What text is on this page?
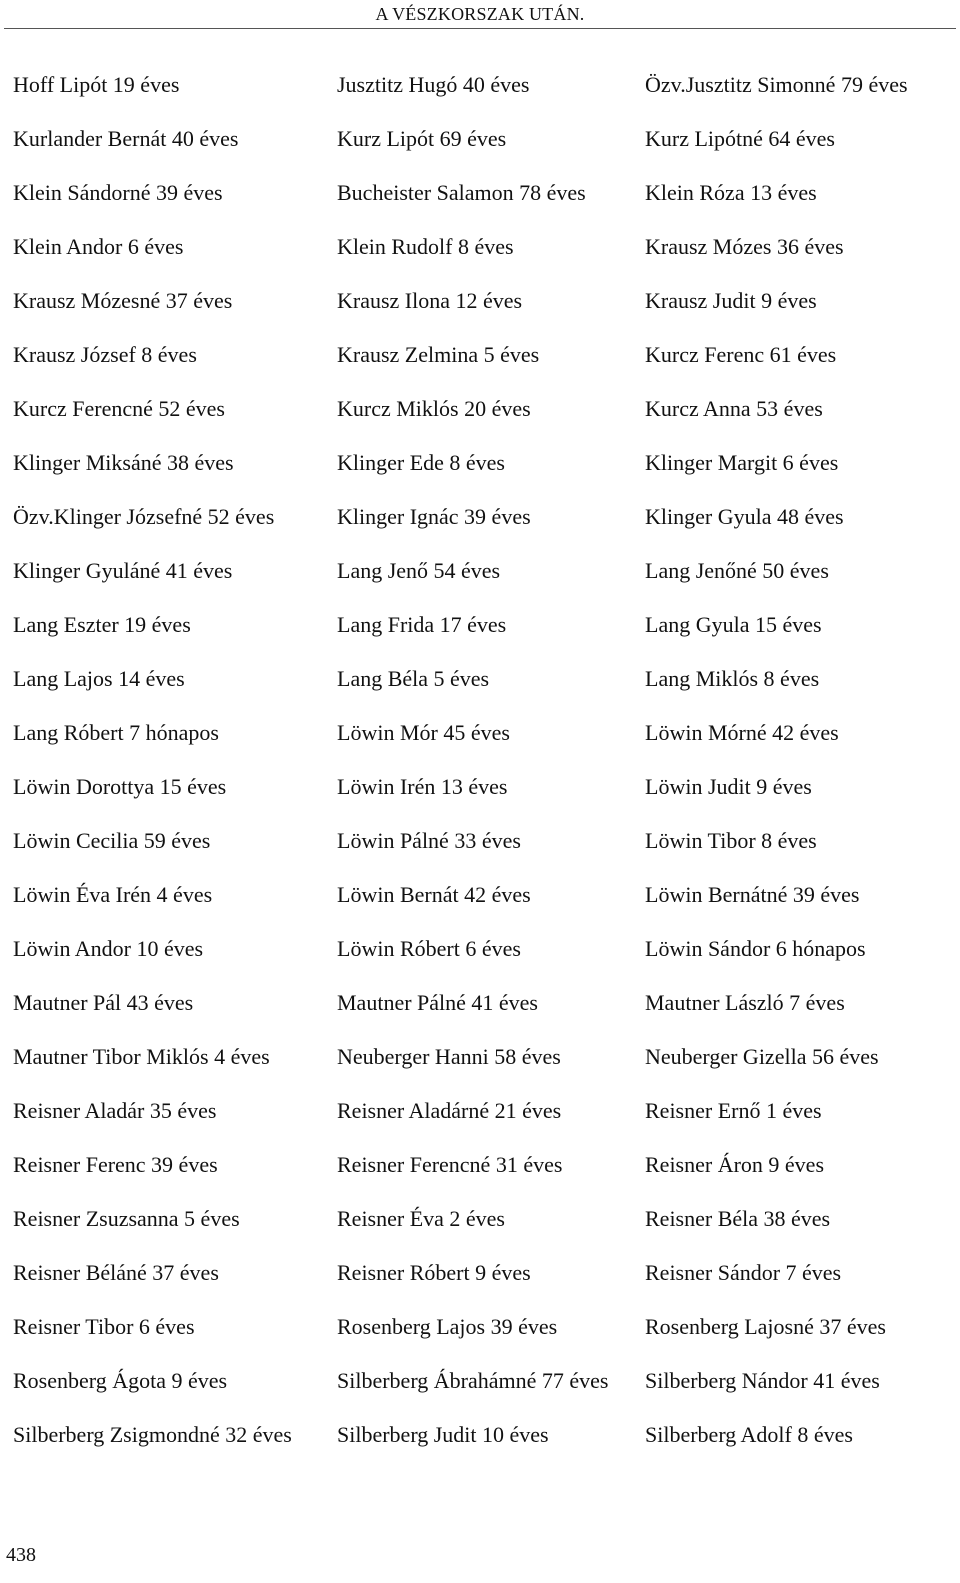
A VÉSZKORSZAK UTÁN.
Hoff Lipót 19 éves	Jusztitz Hugó 40 éves	Özv.Jusztitz Simonné 79 éves
Kurlander Bernát 40 éves	Kurz Lipót 69 éves	Kurz Lipótné 64 éves
Klein Sándorné 39 éves	Bucheister Salamon 78 éves	Klein Róza 13 éves
Klein Andor 6 éves	Klein Rudolf 8 éves	Krausz Mózes 36 éves
Krausz Mózesné 37 éves	Krausz Ilona 12 éves	Krausz Judit 9 éves
Krausz József 8 éves	Krausz Zelmina 5 éves	Kurcz Ferenc 61 éves
Kurcz Ferencné 52 éves	Kurcz Miklós 20 éves	Kurcz Anna 53 éves
Klinger Miksáné 38 éves	Klinger Ede 8 éves	Klinger Margit 6 éves
Özv.Klinger Józsefné 52 éves	Klinger Ignác 39 éves	Klinger Gyula 48 éves
Klinger Gyuláné 41 éves	Lang Jenő 54 éves	Lang Jenőné 50 éves
Lang Eszter 19 éves	Lang Frida 17 éves	Lang Gyula 15 éves
Lang Lajos 14 éves	Lang Béla 5 éves	Lang Miklós 8 éves
Lang Róbert 7 hónapos	Löwin Mór 45 éves	Löwin Mórné 42 éves
Löwin Dorottya 15 éves	Löwin Irén 13 éves	Löwin Judit 9 éves
Löwin Cecilia 59 éves	Löwin Pálné 33 éves	Löwin Tibor 8 éves
Löwin Éva Irén 4 éves	Löwin Bernát 42 éves	Löwin Bernátné 39 éves
Löwin Andor 10 éves	Löwin Róbert 6 éves	Löwin Sándor 6 hónapos
Mautner Pál 43 éves	Mautner Pálné 41 éves	Mautner László 7 éves
Mautner Tibor Miklós 4 éves	Neuberger Hanni 58 éves	Neuberger Gizella 56 éves
Reisner Aladár 35 éves	Reisner Aladárné 21 éves	Reisner Ernő 1 éves
Reisner Ferenc 39 éves	Reisner Ferencné 31 éves	Reisner Áron 9 éves
Reisner Zsuzsanna 5 éves	Reisner Éva 2 éves	Reisner Béla 38 éves
Reisner Béláné 37 éves	Reisner Róbert 9 éves	Reisner Sándor 7 éves
Reisner Tibor 6 éves	Rosenberg Lajos 39 éves	Rosenberg Lajosné 37 éves
Rosenberg Ágota 9 éves	Silberberg Ábrahámné 77 éves	Silberberg Nándor 41 éves
Silberberg Zsigmondné 32 éves	Silberberg Judit 10 éves	Silberberg Adolf 8 éves
438
